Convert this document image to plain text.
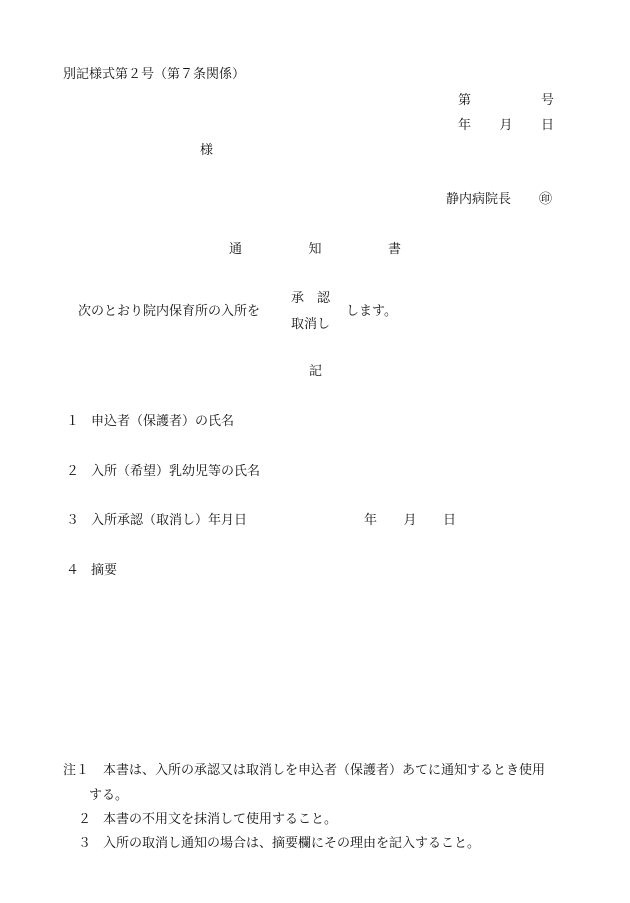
別記様式第２号（第７条関係）
第	号
年 月 日
様
静内病院長 ㊞
通	知	書
次のとおり院内保育所の入所を
承　認
取消し
します。
記
１ 申込者（保護者）の氏名
２ 入所（希望）乳幼児等の氏名
３ 入所承認（取消し）年月日	年 月 日
４ 摘要
注１ 本書は、入所の承認又は取消しを申込者（保護者）あてに通知するとき使用
する。
２ 本書の不用文を抹消して使用すること。
３ 入所の取消し通知の場合は、摘要欄にその理由を記入すること。
